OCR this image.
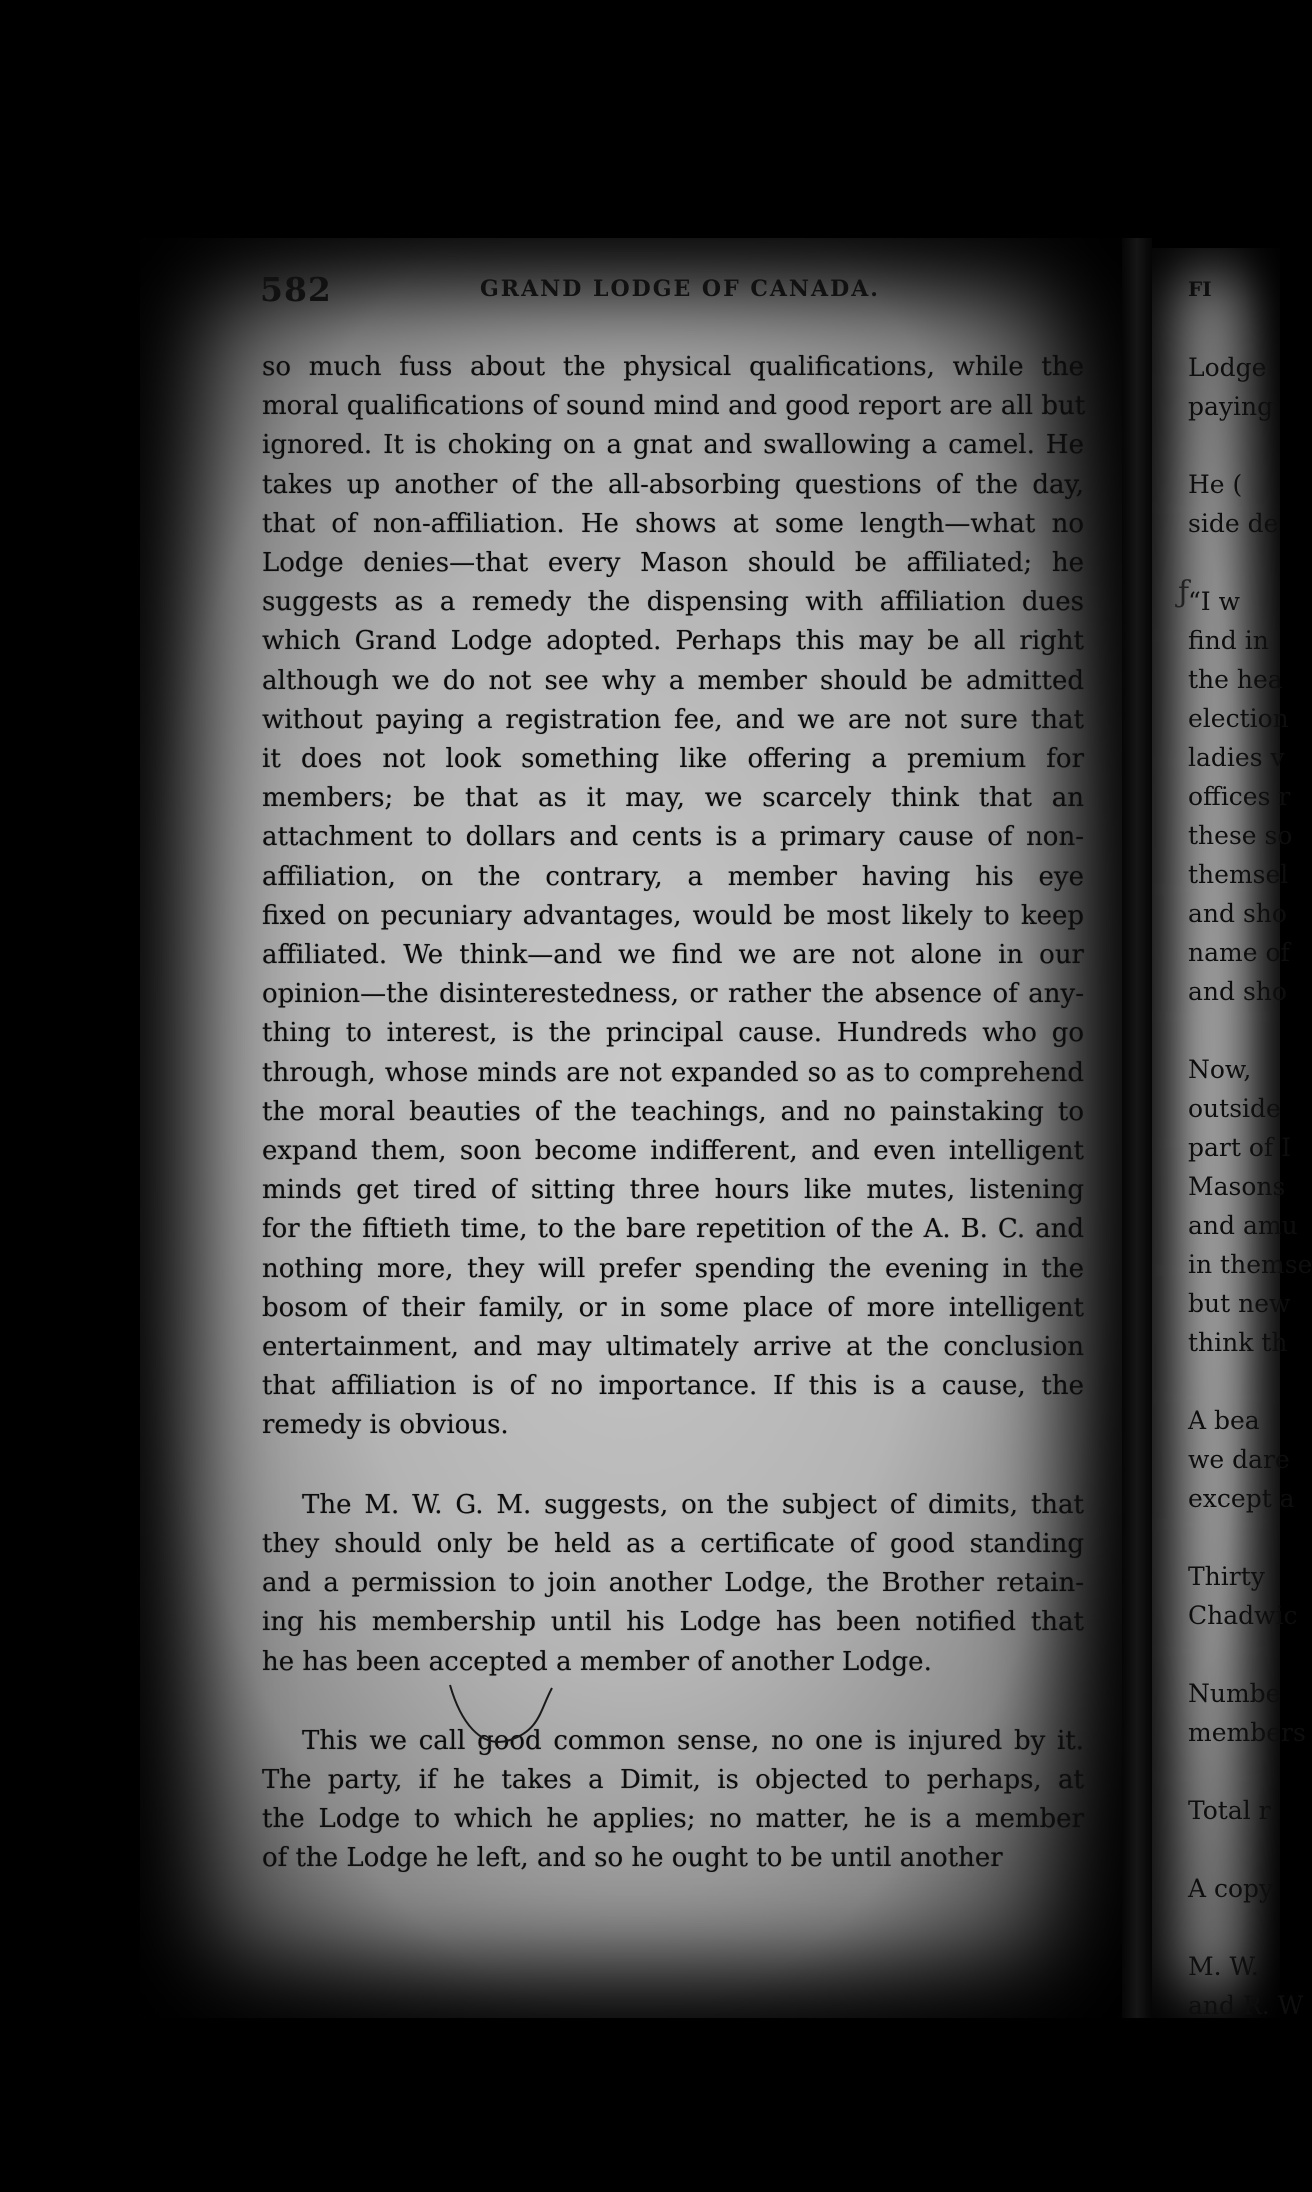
582	GRAND LODGE OF CANADA.

so much fuss about the physical qualifications, while the
moral qualifications of sound mind and good report are all but
ignored. It is choking on a gnat and swallowing a camel. He
takes up another of the all-absorbing questions of the day,
that of non-affiliation. He shows at some length—what no
Lodge denies—that every Mason should be affiliated; he
suggests as a remedy the dispensing with affiliation dues
which Grand Lodge adopted. Perhaps this may be all right
although we do not see why a member should be admitted
without paying a registration fee, and we are not sure that
it does not look something like offering a premium for
members; be that as it may, we scarcely think that an
attachment to dollars and cents is a primary cause of non-
affiliation, on the contrary, a member having his eye
fixed on pecuniary advantages, would be most likely to keep
affiliated. We think—and we find we are not alone in our
opinion—the disinterestedness, or rather the absence of any-
thing to interest, is the principal cause. Hundreds who go
through, whose minds are not expanded so as to comprehend
the moral beauties of the teachings, and no painstaking to
expand them, soon become indifferent, and even intelligent
minds get tired of sitting three hours like mutes, listening
for the fiftieth time, to the bare repetition of the A. B. C. and
nothing more, they will prefer spending the evening in the
bosom of their family, or in some place of more intelligent
entertainment, and may ultimately arrive at the conclusion
that affiliation is of no importance. If this is a cause, the
remedy is obvious.

The M. W. G. M. suggests, on the subject of dimits, that
they should only be held as a certificate of good standing
and a permission to join another Lodge, the Brother retain-
ing his membership until his Lodge has been notified that
he has been accepted a member of another Lodge.

This we call good common sense, no one is injured by it.
The party, if he takes a Dimit, is objected to perhaps, at
the Lodge to which he applies; no matter, he is a member
of the Lodge he left, and so he ought to be until another

ƒ
FI
Lodge
paying
He (
side de
“I w
find in
the hea
election
ladies v
offices r
these so
themsel
and sho
name of
and sho
Now,
outside
part of I
Masons
and amu
in themse
but new
think th
A bea
we dare
except a
Thirty
Chadwic
Numbe
members
Total r
A copy
M. W.
and R. W
